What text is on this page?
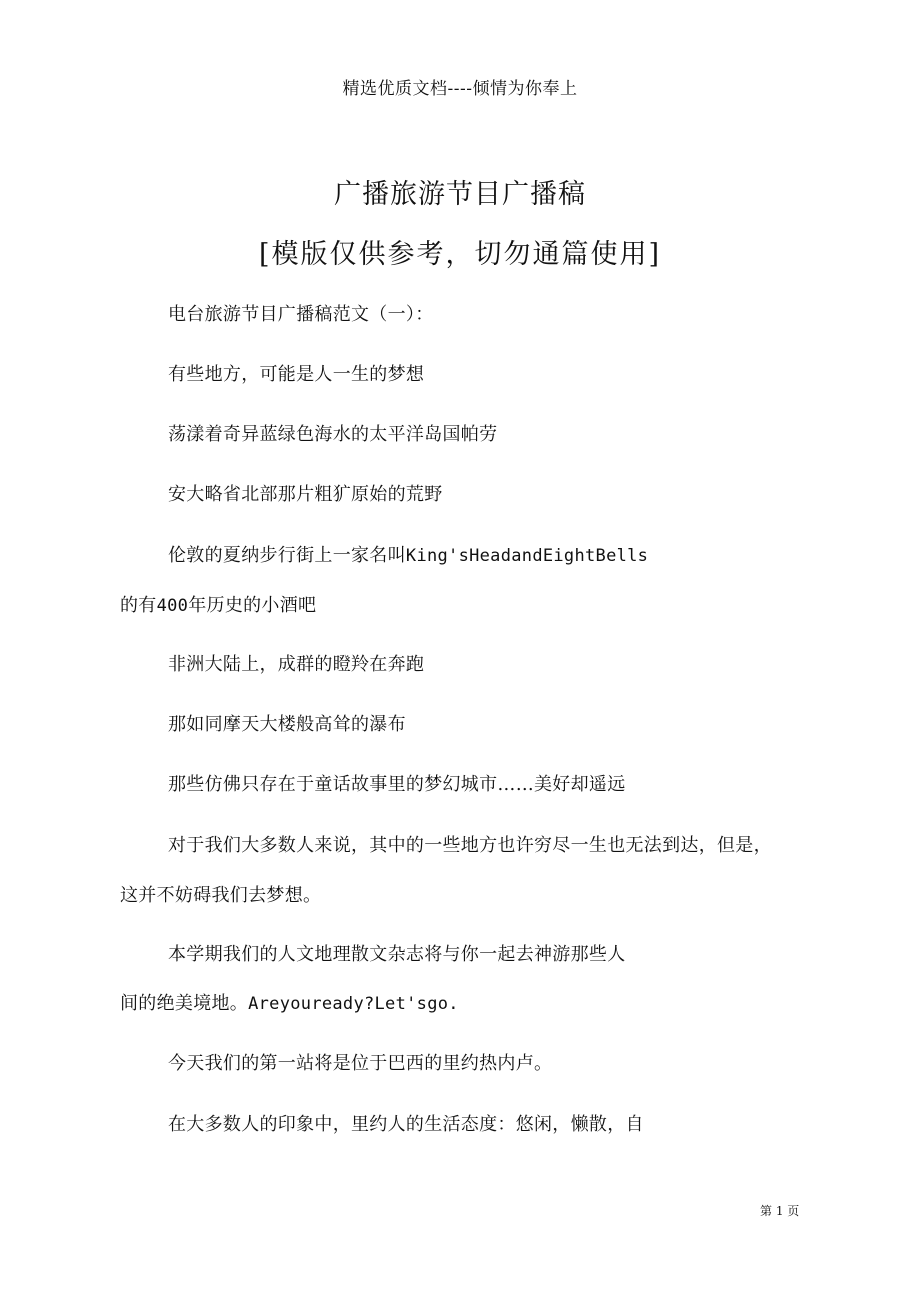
精选优质文档----倾情为你奉上
广播旅游节目广播稿
[模版仅供参考，切勿通篇使用]
电台旅游节目广播稿范文（一）：
有些地方，可能是人一生的梦想
荡漾着奇异蓝绿色海水的太平洋岛国帕劳
安大略省北部那片粗犷原始的荒野
伦敦的夏纳步行街上一家名叫King'sHeadandEightBells
的有400年历史的小酒吧
非洲大陆上，成群的瞪羚在奔跑
那如同摩天大楼般高耸的瀑布
那些仿佛只存在于童话故事里的梦幻城市……美好却遥远
对于我们大多数人来说，其中的一些地方也许穷尽一生也无法到达，但是，
这并不妨碍我们去梦想。
本学期我们的人文地理散文杂志将与你一起去神游那些人
间的绝美境地。Areyouready?Let'sgo.
今天我们的第一站将是位于巴西的里约热内卢。
在大多数人的印象中，里约人的生活态度：悠闲，懒散，自
第 1 页
